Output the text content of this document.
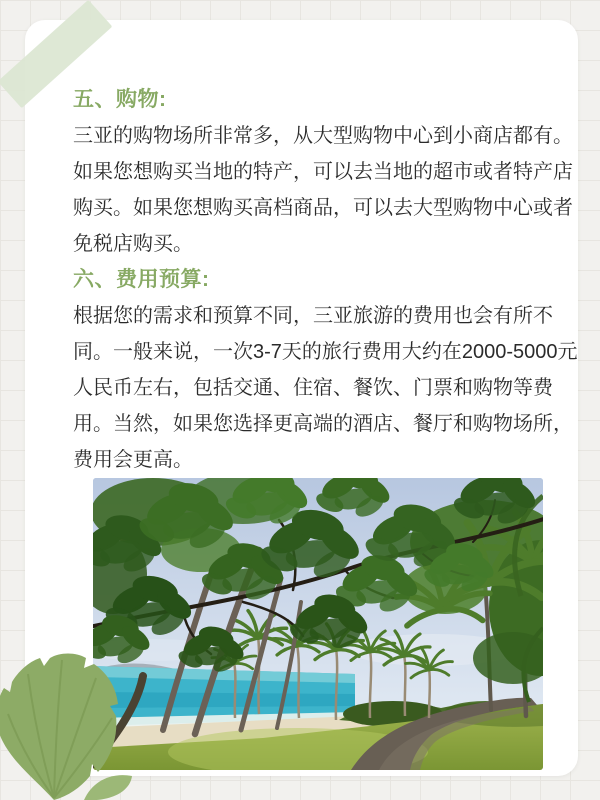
五、购物:

三亚的购物场所非常多，从大型购物中心到小商店都有。

如果您想购买当地的特产，可以去当地的超市或者特产店

购买。如果您想购买高档商品，可以去大型购物中心或者

免税店购买。

六、费用预算:

根据您的需求和预算不同，三亚旅游的费用也会有所不

同。一般来说，一次3-7天的旅行费用大约在2000-5000元

人民币左右，包括交通、住宿、餐饮、门票和购物等费

用。当然，如果您选择更高端的酒店、餐厅和购物场所，

费用会更高。
